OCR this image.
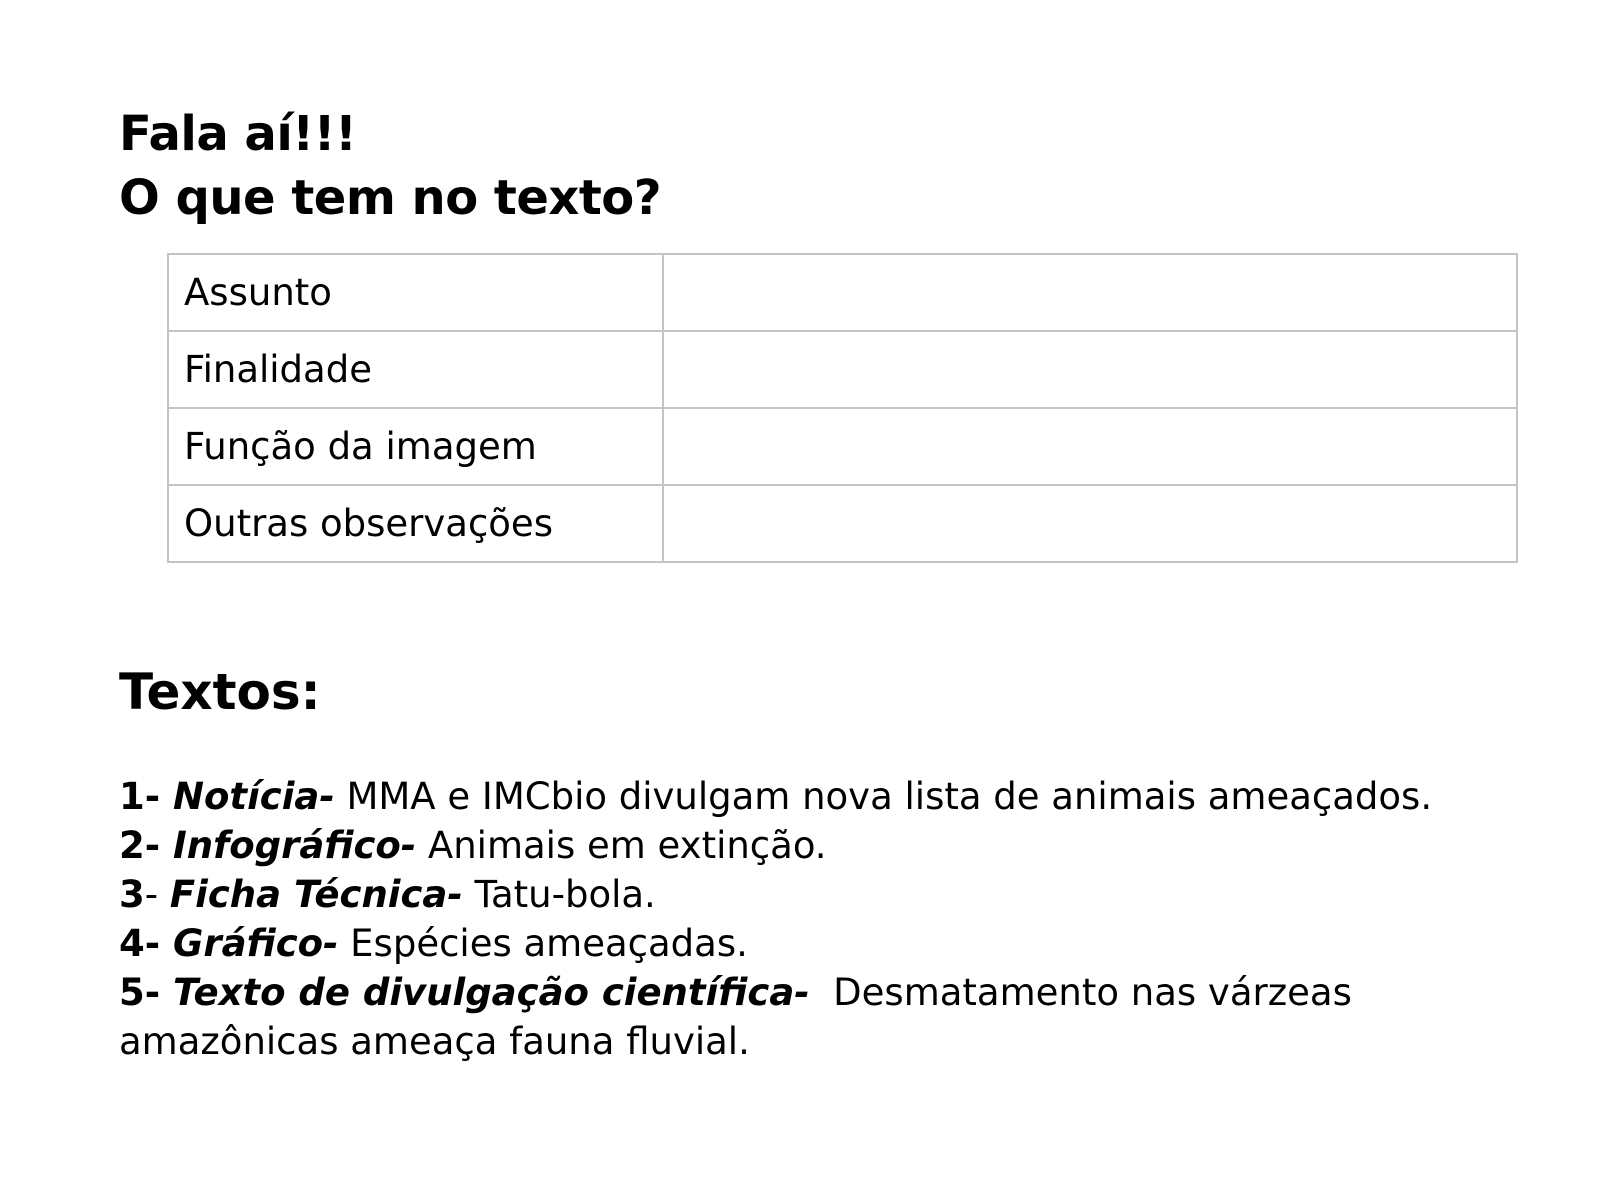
Fala aí!!!
O que tem no texto?
Assunto	
Finalidade	
Função da imagem	
Outras observações	
Textos:
1- Notícia- MMA e IMCbio divulgam nova lista de animais ameaçados.
2- Infográfico- Animais em extinção.
3- Ficha Técnica- Tatu-bola.
4- Gráfico- Espécies ameaçadas.
5- Texto de divulgação científica-  Desmatamento nas várzeas amazônicas ameaça fauna fluvial.
